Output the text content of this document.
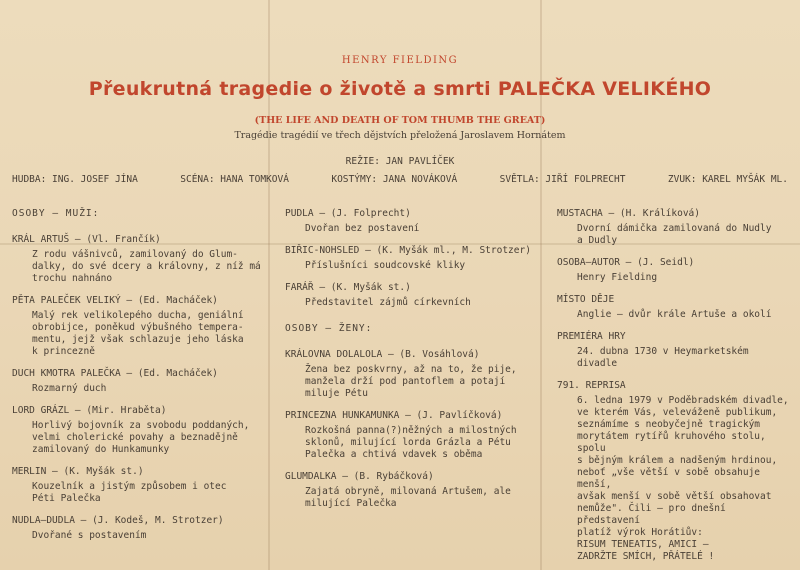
HENRY FIELDING
Přeukrutná tragedie o životě a smrti PALEČKA VELIKÉHO
(THE LIFE AND DEATH OF TOM THUMB THE GREAT)
Tragédie tragédií ve třech dějstvích přeložená Jaroslavem Hornátem
REŽIE: JAN PAVLÍČEK
HUDBA: ING. JOSEF JÍNA	SCÉNA: HANA TOMKOVÁ	KOSTÝMY: JANA NOVÁKOVÁ	SVĚTLA: JIŘÍ FOLPRECHT	ZVUK: KAREL MYŠÁK ML.
OSOBY — MUŽI:
KRÁL ARTUŠ — (Vl. Frančík)
Z rodu vášnivců, zamilovaný do Glum-
dalky, do své dcery a královny, z níž má
trochu nahnáno
PĚTA PALEČEK VELIKÝ — (Ed. Macháček)
Malý rek velikolepého ducha, geniální
obrobijce, poněkud výbušného tempera-
mentu, jejž však schlazuje jeho láska
k princezně
DUCH KMOTRA PALEČKA — (Ed. Macháček)
Rozmarný duch
LORD GRÁZL — (Mir. Hraběta)
Horlivý bojovník za svobodu poddaných,
velmi cholerické povahy a beznadějně
zamilovaný do Hunkamunky
MERLIN — (K. Myšák st.)
Kouzelník a jistým způsobem i otec
Péti Palečka
NUDLA—DUDLA — (J. Kodeš, M. Strotzer)
Dvořané s postavením
PUDLA — (J. Folprecht)
Dvořan bez postavení
BIŘIC-NOHSLED — (K. Myšák ml., M. Strotzer)
Příslušníci soudcovské kliky
FARÁŘ — (K. Myšák st.)
Představitel zájmů církevních
OSOBY — ŽENY:
KRÁLOVNA DOLALOLA — (B. Vosáhlová)
Žena bez poskvrny, až na to, že pije,
manžela drží pod pantoflem a potají
miluje Pétu
PRINCEZNA HUNKAMUNKA — (J. Pavlíčková)
Rozkošná panna(?)něžných a milostných
sklonů, milující lorda Grázla a Pétu
Palečka a chtivá vdavek s oběma
GLUMDALKA — (B. Rybáčková)
Zajatá obryně, milovaná Artušem, ale
milující Palečka
MUSTACHA — (H. Králíková)
Dvorní dámička zamilovaná do Nudly
a Dudly
OSOBA—AUTOR — (J. Seidl)
Henry Fielding
MÍSTO DĚJE
Anglie — dvůr krále Artuše a okolí
PREMIÉRA HRY
24. dubna 1730 v Heymarketském divadle
791. REPRISA
6. ledna 1979 v Poděbradském divadle,
ve kterém Vás, veleváženě publikum,
seznámíme s neobyčejně tragickým
morytátem rytířů kruhového stolu, spolu
s bějným králem a nadšeným hrdinou,
neboť „vše větší v sobě obsahuje menší,
avšak menší v sobě větší obsahovat
nemůže". Čili — pro dnešní představení
platíž výrok Horátiův:
RISUM TENEATIS, AMICI —
ZADRŽTE SMÍCH, PŘÁTELÉ !
